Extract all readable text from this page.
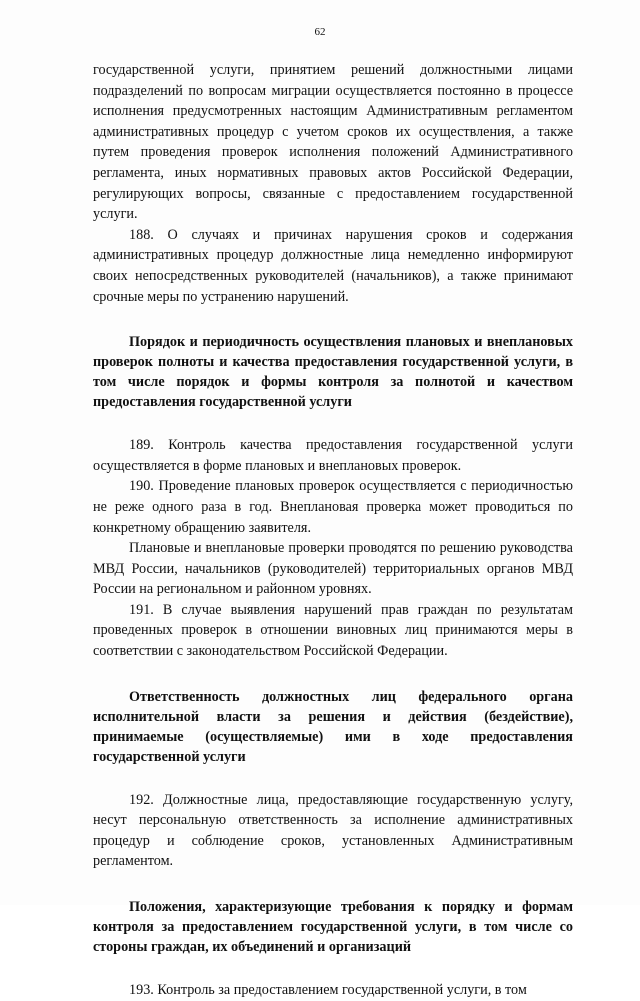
62

государственной услуги, принятием решений должностными лицами подразделений по вопросам миграции осуществляется постоянно в процессе исполнения предусмотренных настоящим Административным регламентом административных процедур с учетом сроков их осуществления, а также путем проведения проверок исполнения положений Административного регламента, иных нормативных правовых актов Российской Федерации, регулирующих вопросы, связанные с предоставлением государственной услуги.

188. О случаях и причинах нарушения сроков и содержания административных процедур должностные лица немедленно информируют своих непосредственных руководителей (начальников), а также принимают срочные меры по устранению нарушений.

Порядок и периодичность осуществления плановых и внеплановых проверок полноты и качества предоставления государственной услуги, в том числе порядок и формы контроля за полнотой и качеством предоставления государственной услуги

189. Контроль качества предоставления государственной услуги осуществляется в форме плановых и внеплановых проверок.

190. Проведение плановых проверок осуществляется с периодичностью не реже одного раза в год. Внеплановая проверка может проводиться по конкретному обращению заявителя.

Плановые и внеплановые проверки проводятся по решению руководства МВД России, начальников (руководителей) территориальных органов МВД России на региональном и районном уровнях.

191. В случае выявления нарушений прав граждан по результатам проведенных проверок в отношении виновных лиц принимаются меры в соответствии с законодательством Российской Федерации.

Ответственность должностных лиц федерального органа исполнительной власти за решения и действия (бездействие), принимаемые (осуществляемые) ими в ходе предоставления государственной услуги

192. Должностные лица, предоставляющие государственную услугу, несут персональную ответственность за исполнение административных процедур и соблюдение сроков, установленных Административным регламентом.

Положения, характеризующие требования к порядку и формам контроля за предоставлением государственной услуги, в том числе со стороны граждан, их объединений и организаций

193. Контроль за предоставлением государственной услуги, в том
